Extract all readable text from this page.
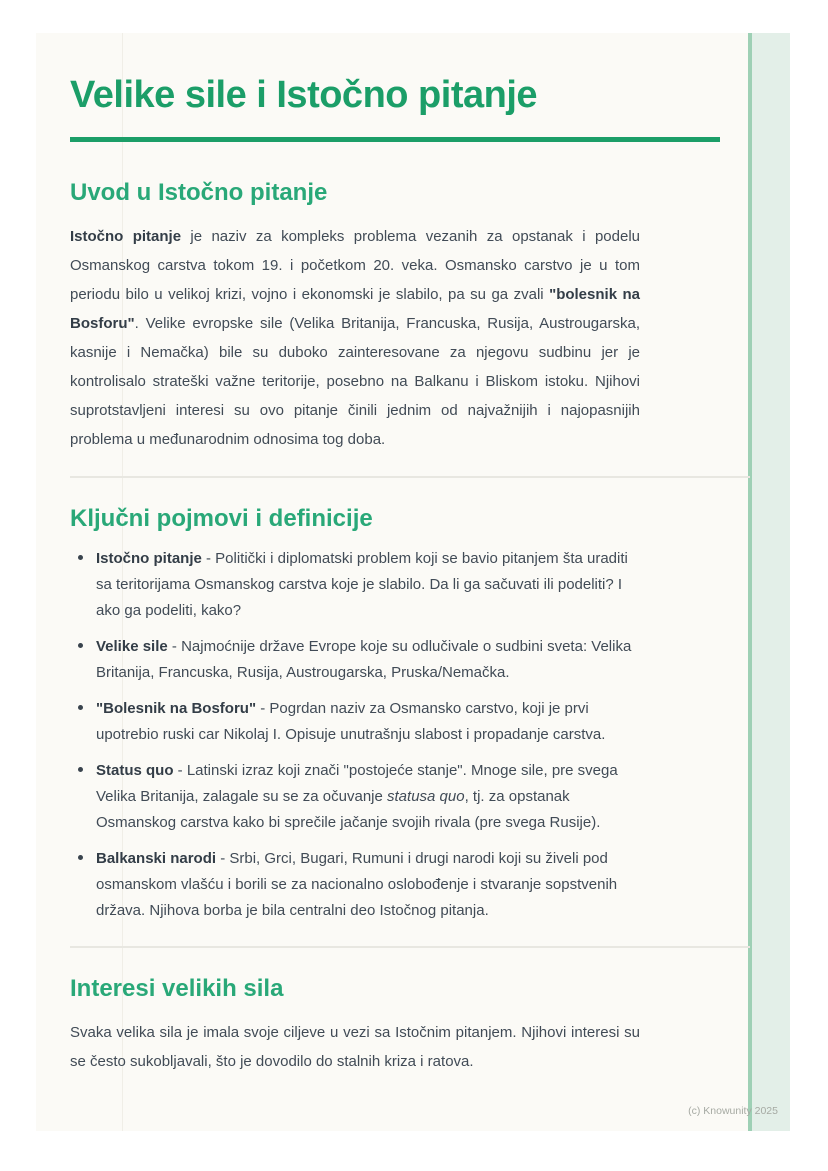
Velike sile i Istočno pitanje
Uvod u Istočno pitanje

Istočno pitanje je naziv za kompleks problema vezanih za opstanak i podelu Osmanskog carstva tokom 19. i početkom 20. veka. Osmansko carstvo je u tom periodu bilo u velikoj krizi, vojno i ekonomski je slabilo, pa su ga zvali "bolesnik na Bosforu". Velike evropske sile (Velika Britanija, Francuska, Rusija, Austrougarska, kasnije i Nemačka) bile su duboko zainteresovane za njegovu sudbinu jer je kontrolisalo strateški važne teritorije, posebno na Balkanu i Bliskom istoku. Njihovi suprotstavljeni interesi su ovo pitanje činili jednim od najvažnijih i najopasnijih problema u međunarodnim odnosima tog doba.

Ključni pojmovi i definicije
Istočno pitanje - Politički i diplomatski problem koji se bavio pitanjem šta uraditi sa teritorijama Osmanskog carstva koje je slabilo. Da li ga sačuvati ili podeliti? I ako ga podeliti, kako?
Velike sile - Najmoćnije države Evrope koje su odlučivale o sudbini sveta: Velika Britanija, Francuska, Rusija, Austrougarska, Pruska/Nemačka.
"Bolesnik na Bosforu" - Pogrdan naziv za Osmansko carstvo, koji je prvi upotrebio ruski car Nikolaj I. Opisuje unutrašnju slabost i propadanje carstva.
Status quo - Latinski izraz koji znači "postojeće stanje". Mnoge sile, pre svega Velika Britanija, zalagale su se za očuvanje statusa quo, tj. za opstanak Osmanskog carstva kako bi sprečile jačanje svojih rivala (pre svega Rusije).
Balkanski narodi - Srbi, Grci, Bugari, Rumuni i drugi narodi koji su živeli pod osmanskom vlašću i borili se za nacionalno oslobođenje i stvaranje sopstvenih država. Njihova borba je bila centralni deo Istočnog pitanja.
Interesi velikih sila

Svaka velika sila je imala svoje ciljeve u vezi sa Istočnim pitanjem. Njihovi interesi su se često sukobljavali, što je dovodilo do stalnih kriza i ratova.

(c) Knowunity 2025
